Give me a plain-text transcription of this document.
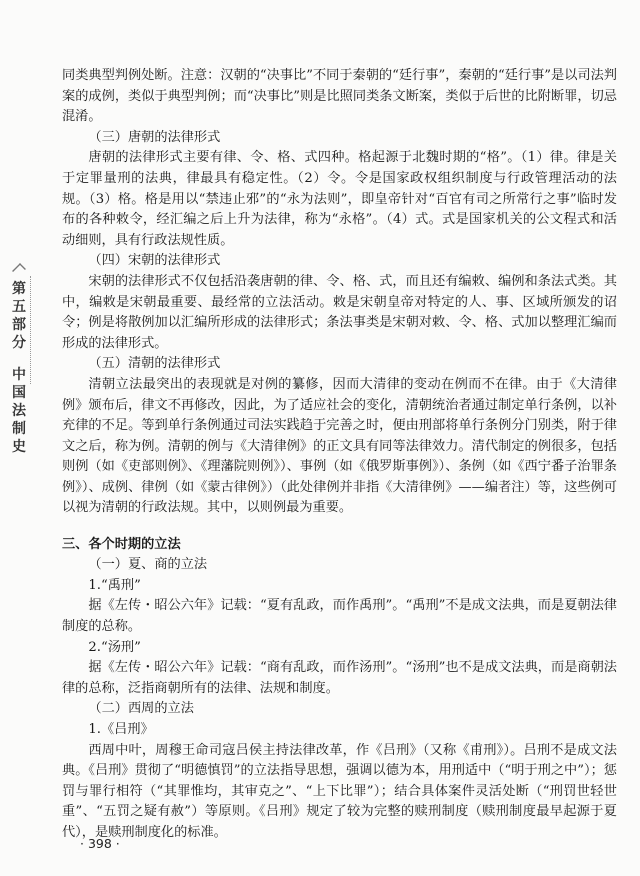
第
五
部
分
中
国
法
制
史

同类典型判例处断。注意：汉朝的“决事比”不同于秦朝的“廷行事”，秦朝的“廷行事”是以司法判案的成例，类似于典型判例；而“决事比”则是比照同类条文断案，类似于后世的比附断罪，切忌混淆。

（三）唐朝的法律形式

唐朝的法律形式主要有律、令、格、式四种。格起源于北魏时期的“格”。（1）律。律是关于定罪量刑的法典，律最具有稳定性。（2）令。令是国家政权组织制度与行政管理活动的法规。（3）格。格是用以“禁违止邪”的“永为法则”，即皇帝针对“百官有司之所常行之事”临时发布的各种敕令，经汇编之后上升为法律，称为“永格”。（4）式。式是国家机关的公文程式和活动细则，具有行政法规性质。

（四）宋朝的法律形式

宋朝的法律形式不仅包括沿袭唐朝的律、令、格、式，而且还有编敕、编例和条法式类。其中，编敕是宋朝最重要、最经常的立法活动。敕是宋朝皇帝对特定的人、事、区域所颁发的诏令；例是将散例加以汇编所形成的法律形式；条法事类是宋朝对敕、令、格、式加以整理汇编而形成的法律形式。

（五）清朝的法律形式

清朝立法最突出的表现就是对例的纂修，因而大清律的变动在例而不在律。由于《大清律例》颁布后，律文不再修改，因此，为了适应社会的变化，清朝统治者通过制定单行条例，以补充律的不足。等到单行条例通过司法实践趋于完善之时，便由刑部将单行条例分门别类，附于律文之后，称为例。清朝的例与《大清律例》的正文具有同等法律效力。清代制定的例很多，包括则例（如《吏部则例》、《理藩院则例》）、事例（如《俄罗斯事例》）、条例（如《西宁番子治罪条例》）、成例、律例（如《蒙古律例》）（此处律例并非指《大清律例》——编者注）等，这些例可以视为清朝的行政法规。其中，以则例最为重要。

三、各个时期的立法

（一）夏、商的立法

1.“禹刑”

据《左传・昭公六年》记载：“夏有乱政，而作禹刑”。“禹刑”不是成文法典，而是夏朝法律制度的总称。

2.“汤刑”

据《左传・昭公六年》记载：“商有乱政，而作汤刑”。“汤刑”也不是成文法典，而是商朝法律的总称，泛指商朝所有的法律、法规和制度。

（二）西周的立法

1.《吕刑》

西周中叶，周穆王命司寇吕侯主持法律改革，作《吕刑》（又称《甫刑》）。吕刑不是成文法典。《吕刑》贯彻了“明德慎罚”的立法指导思想，强调以德为本，用刑适中（“明于刑之中”）；惩罚与罪行相符（“其罪惟均，其审克之”、“上下比罪”）；结合具体案件灵活处断（“刑罚世轻世重”、“五罚之疑有赦”）等原则。《吕刑》规定了较为完整的赎刑制度（赎刑制度最早起源于夏代），是赎刑制度化的标准。

· 398 ·
